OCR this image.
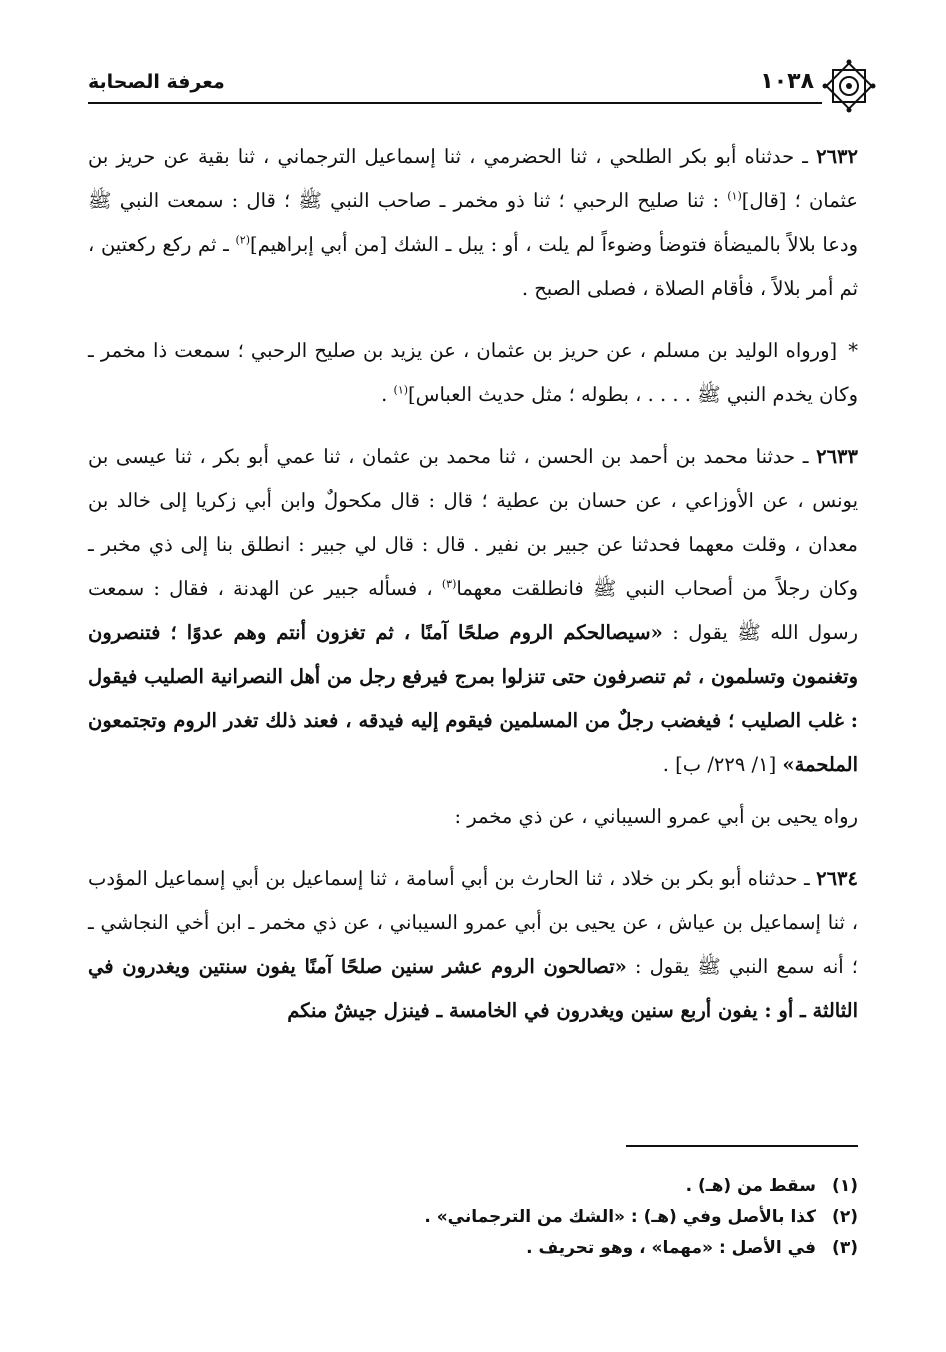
١٠٣٨
معرفة الصحابة

٢٦٣٢ ـ حدثناه أبو بكر الطلحي ، ثنا الحضرمي ، ثنا إسماعيل الترجماني ، ثنا بقية عن حريز بن عثمان ؛ [قال]$^{(١)}$ : ثنا صليح الرحبي ؛ ثنا ذو مخمر ـ صاحب النبي ﷺ ؛ قال : سمعت النبي ﷺ ودعا بلالاً بالميضأة فتوضأ وضوءاً لم يلت ، أو : يبل ـ الشك [من أبي إبراهيم]$^{(٢)}$ ـ ثم ركع ركعتين ، ثم أمر بلالاً ، فأقام الصلاة ، فصلى الصبح .

* [ورواه الوليد بن مسلم ، عن حريز بن عثمان ، عن يزيد بن صليح الرحبي ؛ سمعت ذا مخمر ـ وكان يخدم النبي ﷺ . . . . ، بطوله ؛ مثل حديث العباس]$^{(١)}$ .

٢٦٣٣ ـ حدثنا محمد بن أحمد بن الحسن ، ثنا محمد بن عثمان ، ثنا عمي أبو بكر ، ثنا عيسى بن يونس ، عن الأوزاعي ، عن حسان بن عطية ؛ قال : قال مكحولٌ وابن أبي زكريا إلى خالد بن معدان ، وقلت معهما فحدثنا عن جبير بن نفير . قال : قال لي جبير : انطلق بنا إلى ذي مخبر ـ وكان رجلاً من أصحاب النبي ﷺ فانطلقت معهما$^{(٣)}$ ، فسأله جبير عن الهدنة ، فقال : سمعت رسول الله ﷺ يقول : «سيصالحكم الروم صلحًا آمنًا ، ثم تغزون أنتم وهم عدوًا ؛ فتنصرون وتغنمون وتسلمون ، ثم تنصرفون حتى تنزلوا بمرج فيرفع رجل من أهل النصرانية الصليب فيقول : غلب الصليب ؛ فيغضب رجلٌ من المسلمين فيقوم إليه فيدقه ، فعند ذلك تغدر الروم وتجتمعون الملحمة» [١/ ٢٢٩/ ب] .

رواه يحيى بن أبي عمرو السيباني ، عن ذي مخمر :

٢٦٣٤ ـ حدثناه أبو بكر بن خلاد ، ثنا الحارث بن أبي أسامة ، ثنا إسماعيل بن أبي إسماعيل المؤدب ، ثنا إسماعيل بن عياش ، عن يحيى بن أبي عمرو السيباني ، عن ذي مخمر ـ ابن أخي النجاشي ـ ؛ أنه سمع النبي ﷺ يقول : «تصالحون الروم عشر سنين صلحًا آمنًا يفون سنتين ويغدرون في الثالثة ـ أو : يفون أربع سنين ويغدرون في الخامسة ـ فينزل جيشٌ منكم

(١)سقط من (هـ) .
(٢)كذا بالأصل وفي (هـ) : «الشك من الترجماني» .
(٣)في الأصل : «مهما» ، وهو تحريف .
